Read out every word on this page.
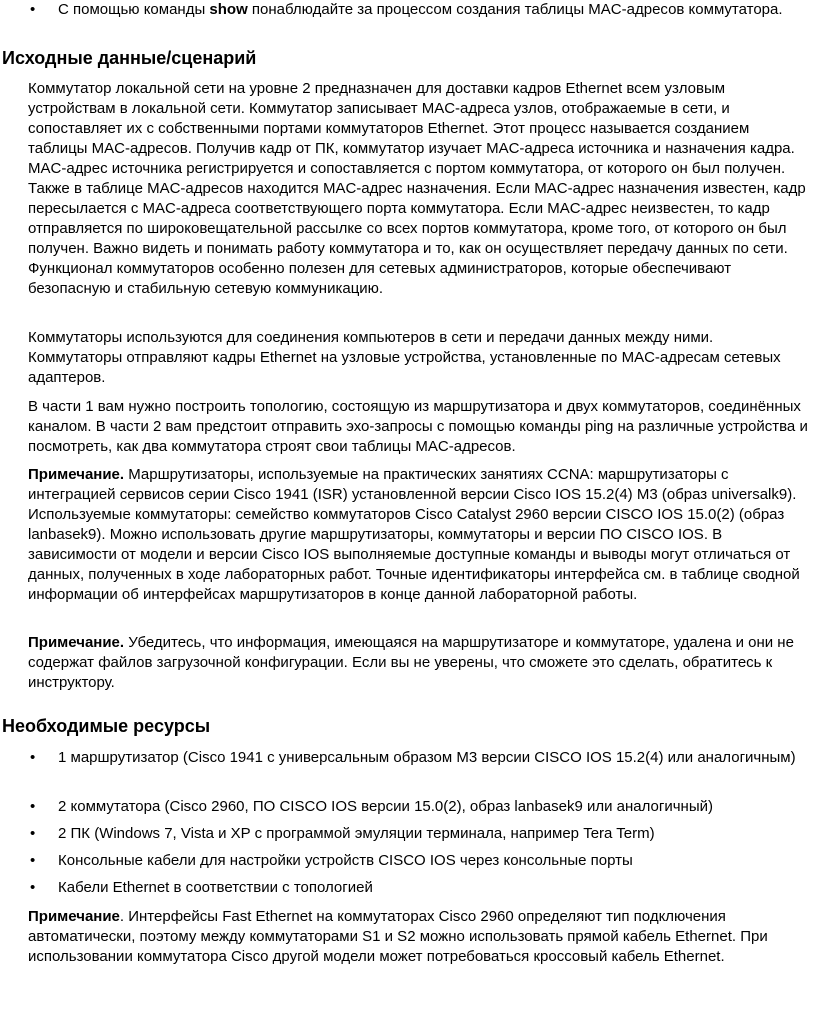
• С помощью команды show понаблюдайте за процессом создания таблицы MAC-адресов коммутатора.
Исходные данные/сценарий

Коммутатор локальной сети на уровне 2 предназначен для доставки кадров Ethernet всем узловым устройствам в локальной сети. Коммутатор записывает MAC-адреса узлов, отображаемые в сети, и сопоставляет их с собственными портами коммутаторов Ethernet. Этот процесс называется созданием таблицы MAC-адресов. Получив кадр от ПК, коммутатор изучает MAC-адреса источника и назначения кадра. MAC-адрес источника регистрируется и сопоставляется с портом коммутатора, от которого он был получен. Также в таблице MAC-адресов находится MAC-адрес назначения. Если MAC-адрес назначения известен, кадр пересылается с MAC-адреса соответствующего порта коммутатора. Если MAC-адрес неизвестен, то кадр отправляется по широковещательной рассылке со всех портов коммутатора, кроме того, от которого он был получен. Важно видеть и понимать работу коммутатора и то, как он осуществляет передачу данных по сети. Функционал коммутаторов особенно полезен для сетевых администраторов, которые обеспечивают безопасную и стабильную сетевую коммуникацию.

Коммутаторы используются для соединения компьютеров в сети и передачи данных между ними. Коммутаторы отправляют кадры Ethernet на узловые устройства, установленные по MAC-адресам сетевых адаптеров.

В части 1 вам нужно построить топологию, состоящую из маршрутизатора и двух коммутаторов, соединённых каналом. В части 2 вам предстоит отправить эхо-запросы с помощью команды ping на различные устройства и посмотреть, как два коммутатора строят свои таблицы MAC-адресов.

Примечание. Маршрутизаторы, используемые на практических занятиях CCNA: маршрутизаторы с интеграцией сервисов серии Cisco 1941 (ISR) установленной версии Cisco IOS 15.2(4) M3 (образ universalk9). Используемые коммутаторы: семейство коммутаторов Cisco Catalyst 2960 версии CISCO IOS 15.0(2) (образ lanbasek9). Можно использовать другие маршрутизаторы, коммутаторы и версии ПО CISCO IOS. В зависимости от модели и версии Cisco IOS выполняемые доступные команды и выводы могут отличаться от данных, полученных в ходе лабораторных работ. Точные идентификаторы интерфейса см. в таблице сводной информации об интерфейсах маршрутизаторов в конце данной лабораторной работы.

Примечание. Убедитесь, что информация, имеющаяся на маршрутизаторе и коммутаторе, удалена и они не содержат файлов загрузочной конфигурации. Если вы не уверены, что сможете это сделать, обратитесь к инструктору.

Необходимые ресурсы
• 1 маршрутизатор (Cisco 1941 с универсальным образом M3 версии CISCO IOS 15.2(4) или аналогичным)
• 2 коммутатора (Cisco 2960, ПО CISCO IOS версии 15.0(2), образ lanbasek9 или аналогичный)
• 2 ПК (Windows 7, Vista и XP с программой эмуляции терминала, например Tera Term)
• Консольные кабели для настройки устройств CISCO IOS через консольные порты
• Кабели Ethernet в соответствии с топологией

Примечание. Интерфейсы Fast Ethernet на коммутаторах Cisco 2960 определяют тип подключения автоматически, поэтому между коммутаторами S1 и S2 можно использовать прямой кабель Ethernet. При использовании коммутатора Cisco другой модели может потребоваться кроссовый кабель Ethernet.
